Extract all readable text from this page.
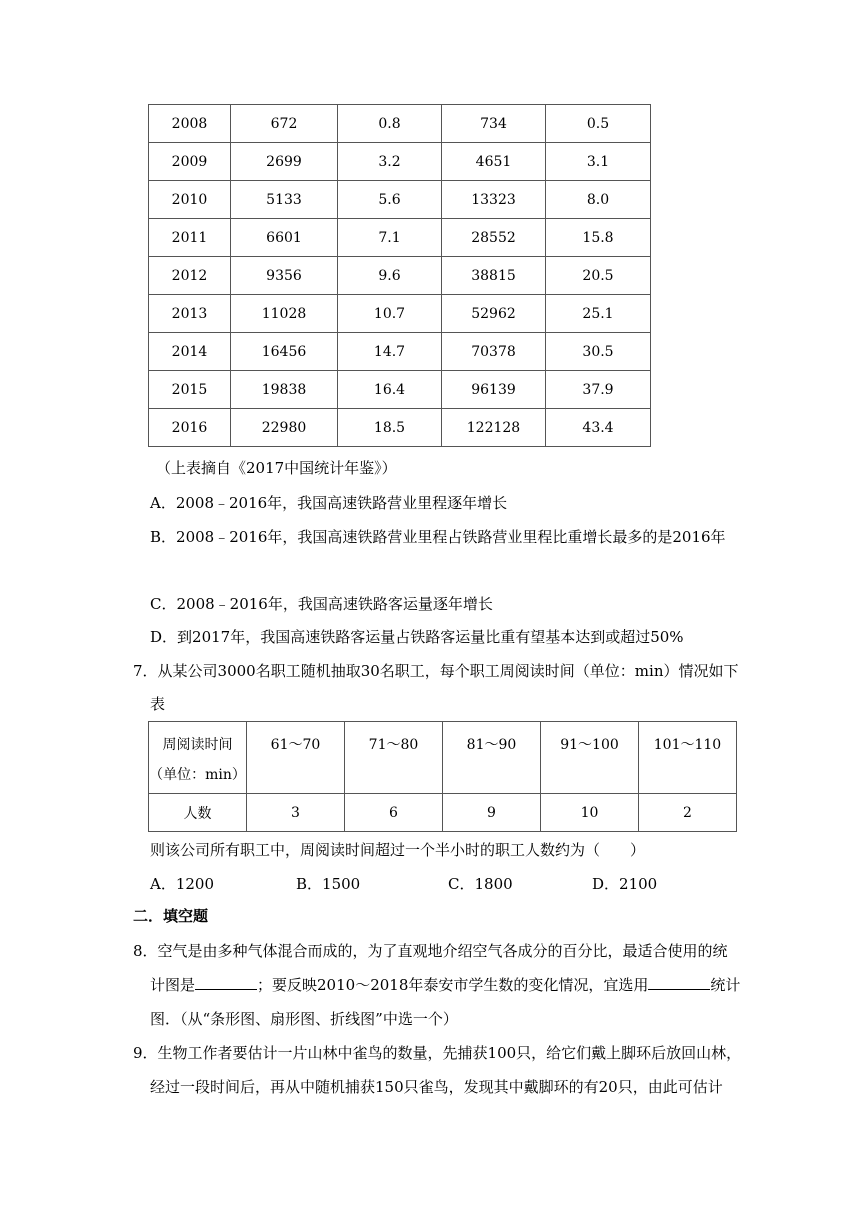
2008	672	0.8	734	0.5
2009	2699	3.2	4651	3.1
2010	5133	5.6	13323	8.0
2011	6601	7.1	28552	15.8
2012	9356	9.6	38815	20.5
2013	11028	10.7	52962	25.1
2014	16456	14.7	70378	30.5
2015	19838	16.4	96139	37.9
2016	22980	18.5	122128	43.4
（上表摘自《2017中国统计年鉴》）
A．2008﹣2016年，我国高速铁路营业里程逐年增长
B．2008﹣2016年，我国高速铁路营业里程占铁路营业里程比重增长最多的是2016年
C．2008﹣2016年，我国高速铁路客运量逐年增长
D．到2017年，我国高速铁路客运量占铁路客运量比重有望基本达到或超过50%
7．从某公司3000名职工随机抽取30名职工，每个职工周阅读时间（单位：min）情况如下
表
周阅读时间
（单位：min）	61～70	71～80	81～90	91～100	101～110

人数	3	6	9	10	2
则该公司所有职工中，周阅读时间超过一个半小时的职工人数约为（　　）
A．1200	B．1500	C．1800	D．2100
二．填空题
8．空气是由多种气体混合而成的，为了直观地介绍空气各成分的百分比，最适合使用的统
计图是	；要反映2010～2018年泰安市学生数的变化情况，宜选用	统计
图．（从“条形图、扇形图、折线图”中选一个）
9．生物工作者要估计一片山林中雀鸟的数量，先捕获100只，给它们戴上脚环后放回山林，
经过一段时间后，再从中随机捕获150只雀鸟，发现其中戴脚环的有20只，由此可估计
